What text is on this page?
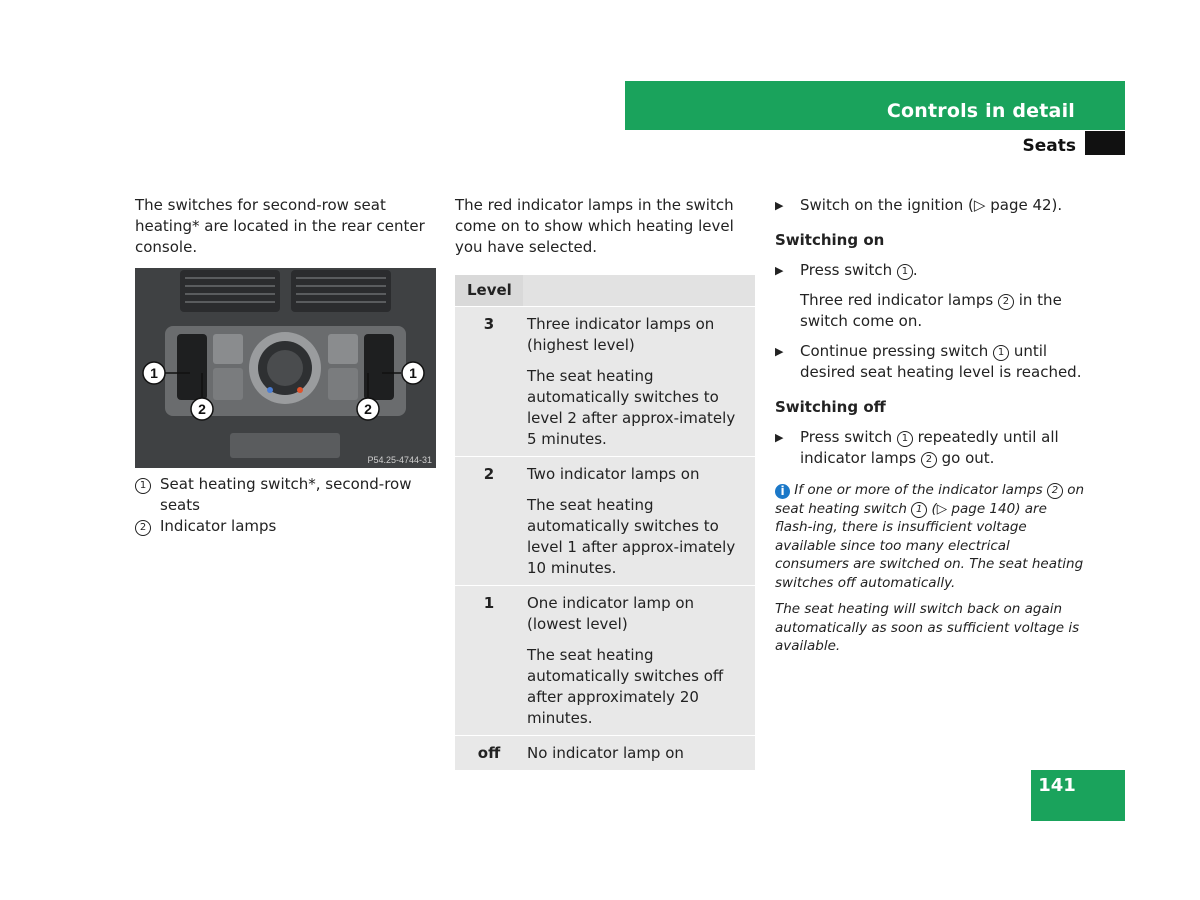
Controls in detail
Seats

The switches for second-row seat heating* are located in the rear center console.

1
2
1
2
P54.25-4744-31
1 Seat heating switch*, second-row seats
2 Indicator lamps

The red indicator lamps in the switch come on to show which heating level you have selected.

Level	
3	Three indicator lamps on (highest level)
The seat heating automatically switches to level 2 after approx-imately 5 minutes.

2	Two indicator lamps on
The seat heating automatically switches to level 1 after approx-imately 10 minutes.

1	One indicator lamp on (lowest level)
The seat heating automatically switches off after approximately 20 minutes.

off	No indicator lamp on
▶	Switch on the ignition (▷ page 42).
Switching on
▶	Press switch 1 .
Three red indicator lamps 2 in the switch come on.
▶	Continue pressing switch 1 until desired seat heating level is reached.
Switching off
▶	Press switch 1 repeatedly until all indicator lamps 2 go out.

i If one or more of the indicator lamps 2 on seat heating switch 1 (▷ page 140) are flash-ing, there is insufficient voltage available since too many electrical consumers are switched on. The seat heating switches off automatically.

The seat heating will switch back on again automatically as soon as sufficient voltage is available.

141
